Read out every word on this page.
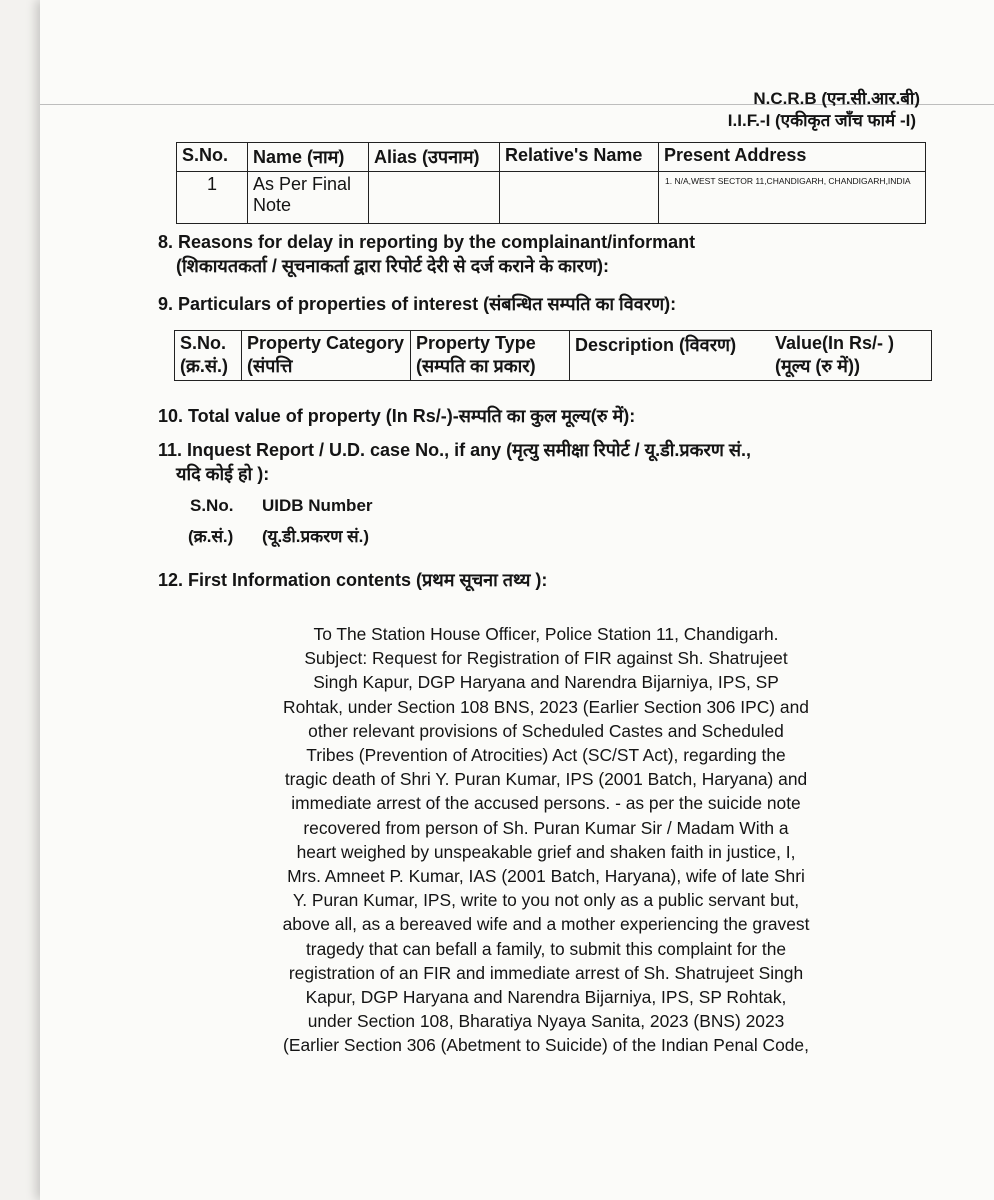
N.C.R.B (एन.सी.आर.बी)
I.I.F.-I (एकीकृत जाँच फार्म -I)
S.No.	Name (नाम)	Alias (उपनाम)	Relative's Name	Present Address
1	As Per Final Note			1. N/A,WEST SECTOR 11,CHANDIGARH, CHANDIGARH,INDIA
8. Reasons for delay in reporting by the complainant/informant
(शिकायतकर्ता / सूचनाकर्ता द्वारा रिपोर्ट देरी से दर्ज कराने के कारण):
9. Particulars of properties of interest (संबन्धित सम्पति का विवरण):
S.No. (क्र.सं.)	Property Category (संपत्ति	Property Type (सम्पति का प्रकार)	Description (विवरण)	Value(In Rs/- ) (मूल्य (रु में))
10. Total value of property (In Rs/-)-सम्पति का कुल मूल्य(रु में):
11. Inquest Report / U.D. case No., if any (मृत्यु समीक्षा रिपोर्ट / यू.डी.प्रकरण सं.,
यदि कोई हो ):
S.No. UIDB Number
(क्र.सं.) (यू.डी.प्रकरण सं.)
12. First Information contents (प्रथम सूचना तथ्य ):
To The Station House Officer, Police Station 11, Chandigarh.
Subject: Request for Registration of FIR against Sh. Shatrujeet
Singh Kapur, DGP Haryana and Narendra Bijarniya, IPS, SP
Rohtak, under Section 108 BNS, 2023 (Earlier Section 306 IPC) and
other relevant provisions of Scheduled Castes and Scheduled
Tribes (Prevention of Atrocities) Act (SC/ST Act), regarding the
tragic death of Shri Y. Puran Kumar, IPS (2001 Batch, Haryana) and
immediate arrest of the accused persons. - as per the suicide note
recovered from person of Sh. Puran Kumar Sir / Madam With a
heart weighed by unspeakable grief and shaken faith in justice, I,
Mrs. Amneet P. Kumar, IAS (2001 Batch, Haryana), wife of late Shri
Y. Puran Kumar, IPS, write to you not only as a public servant but,
above all, as a bereaved wife and a mother experiencing the gravest
tragedy that can befall a family, to submit this complaint for the
registration of an FIR and immediate arrest of Sh. Shatrujeet Singh
Kapur, DGP Haryana and Narendra Bijarniya, IPS, SP Rohtak,
under Section 108, Bharatiya Nyaya Sanita, 2023 (BNS) 2023
(Earlier Section 306 (Abetment to Suicide) of the Indian Penal Code,
